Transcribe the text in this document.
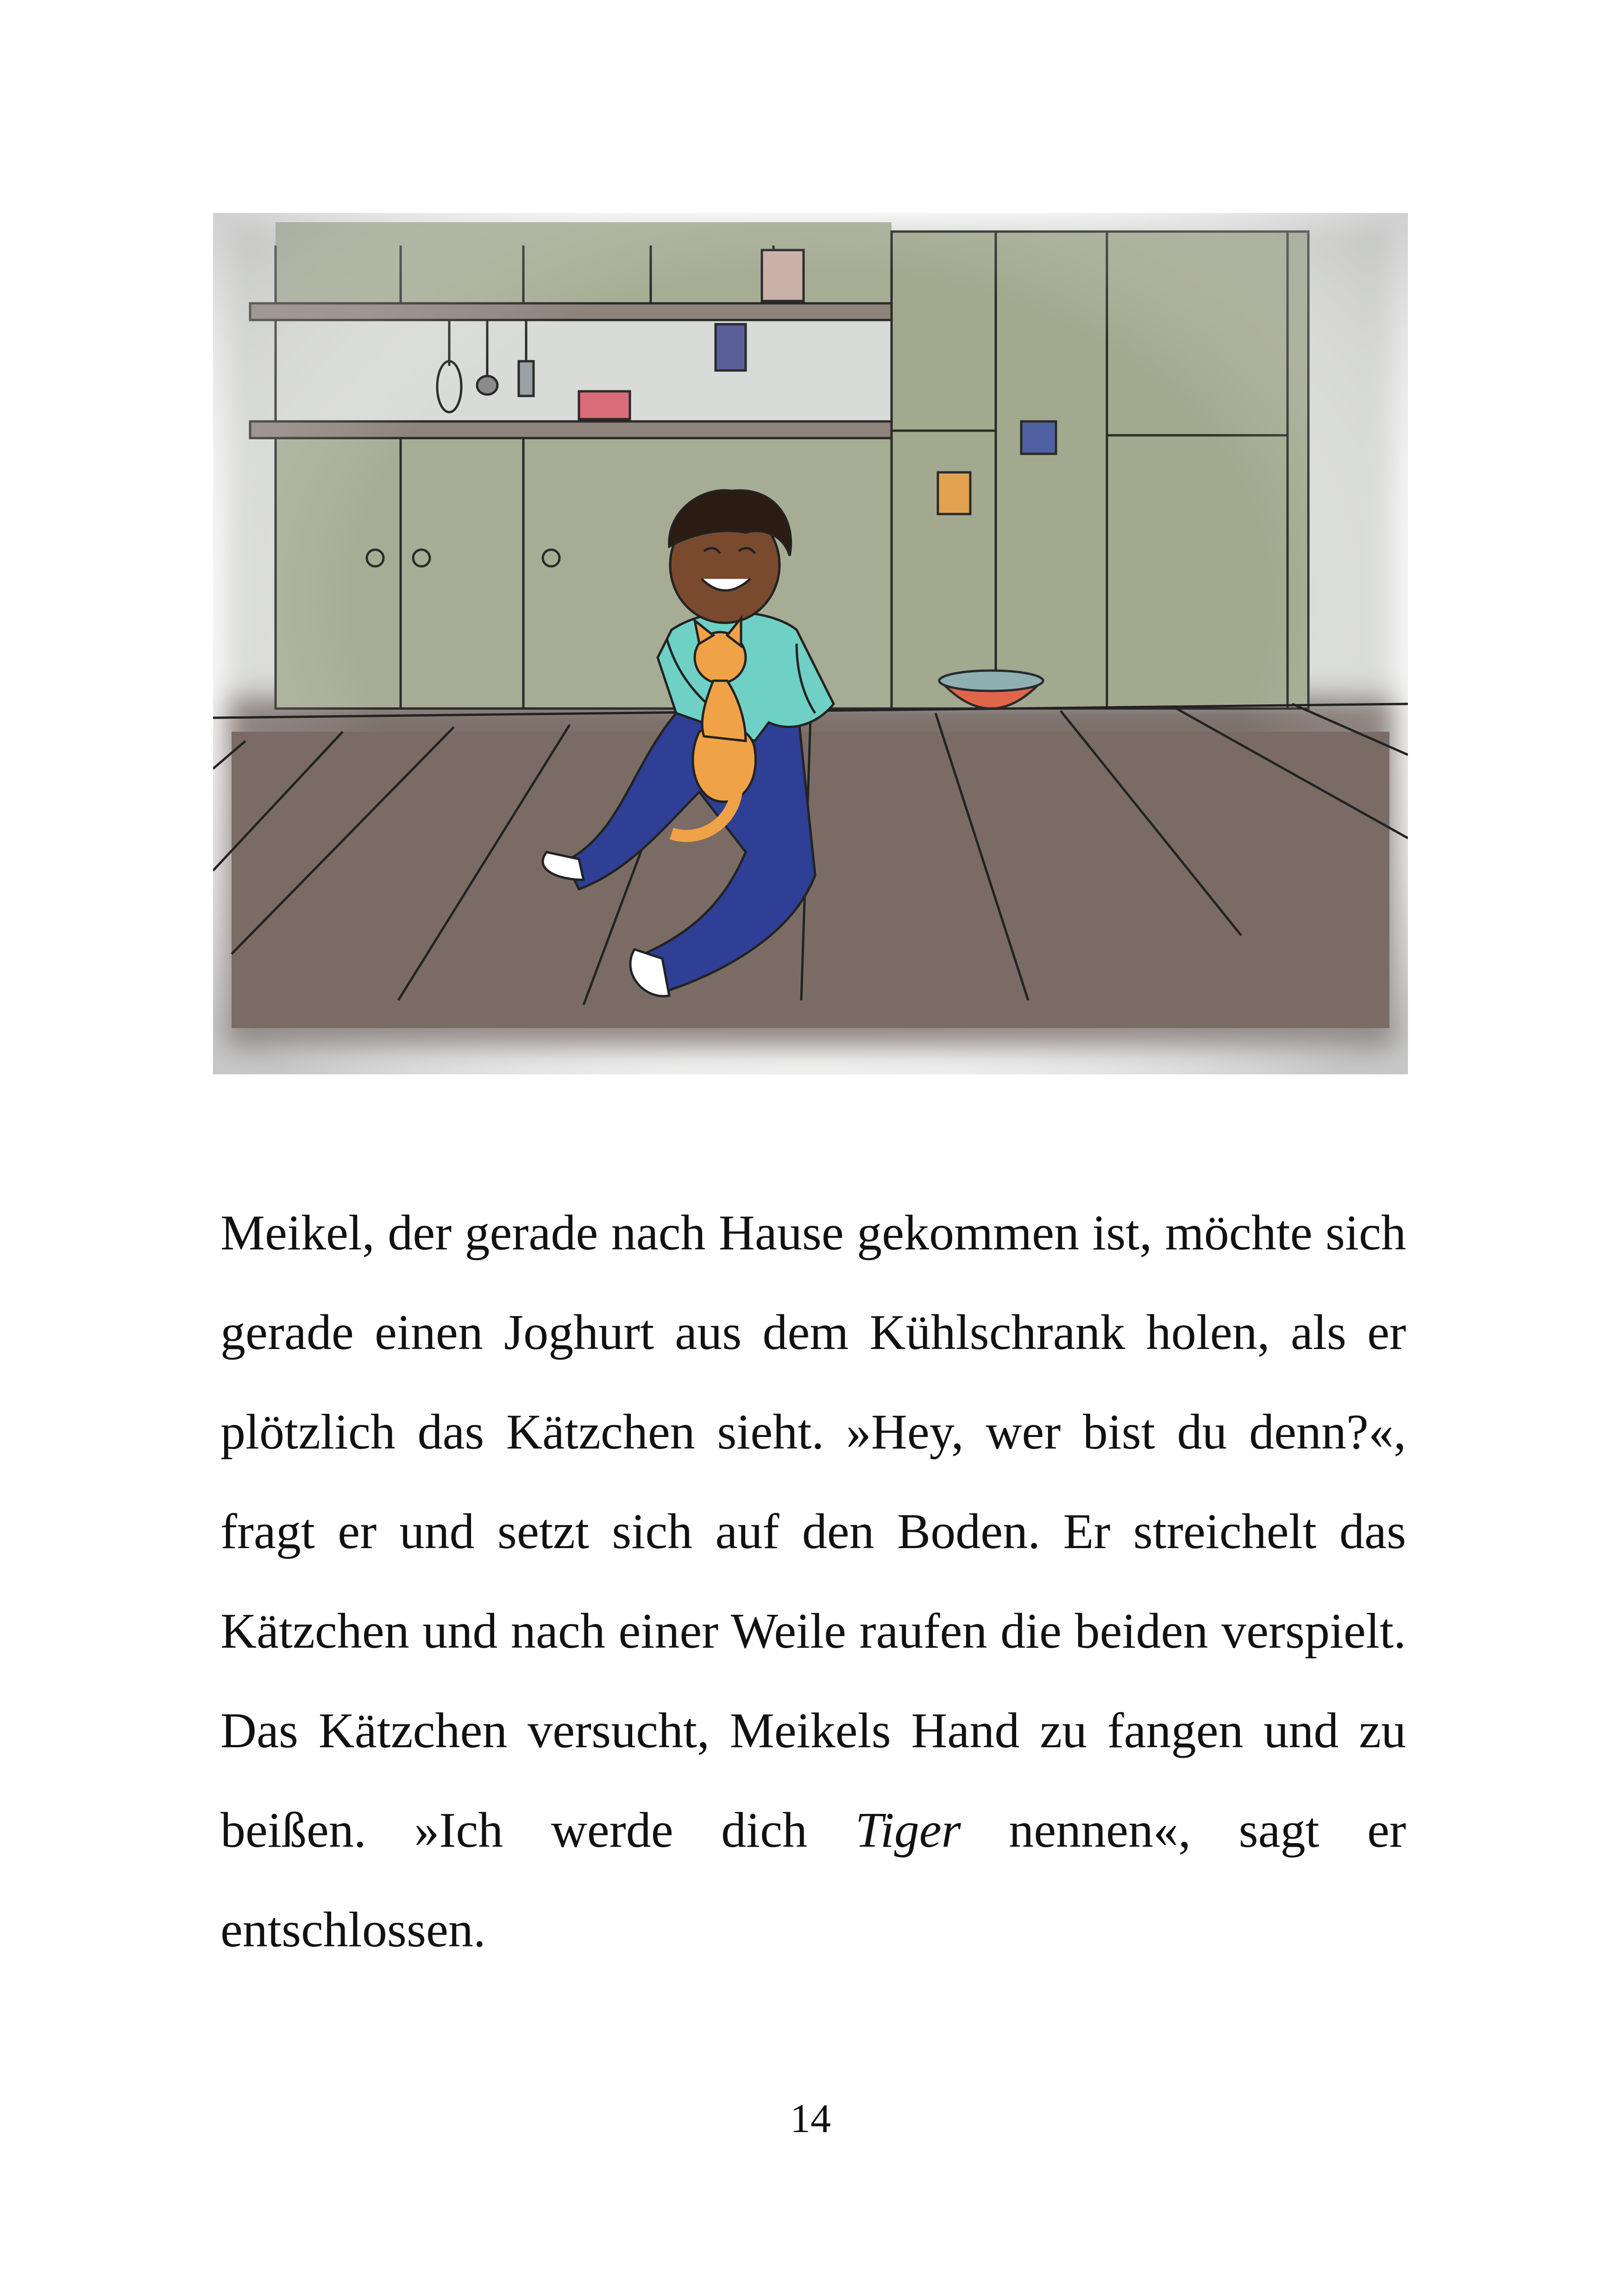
Meikel, der gerade nach Hause gekommen ist, möchte sich gerade einen Joghurt aus dem Kühlschrank holen, als er plötzlich das Kätzchen sieht. »Hey, wer bist du denn?«, fragt er und setzt sich auf den Boden. Er streichelt das Kätzchen und nach einer Weile raufen die beiden verspielt. Das Kätzchen versucht, Meikels Hand zu fangen und zu beißen. »Ich werde dich Tiger nennen«, sagt er entschlossen.

14
